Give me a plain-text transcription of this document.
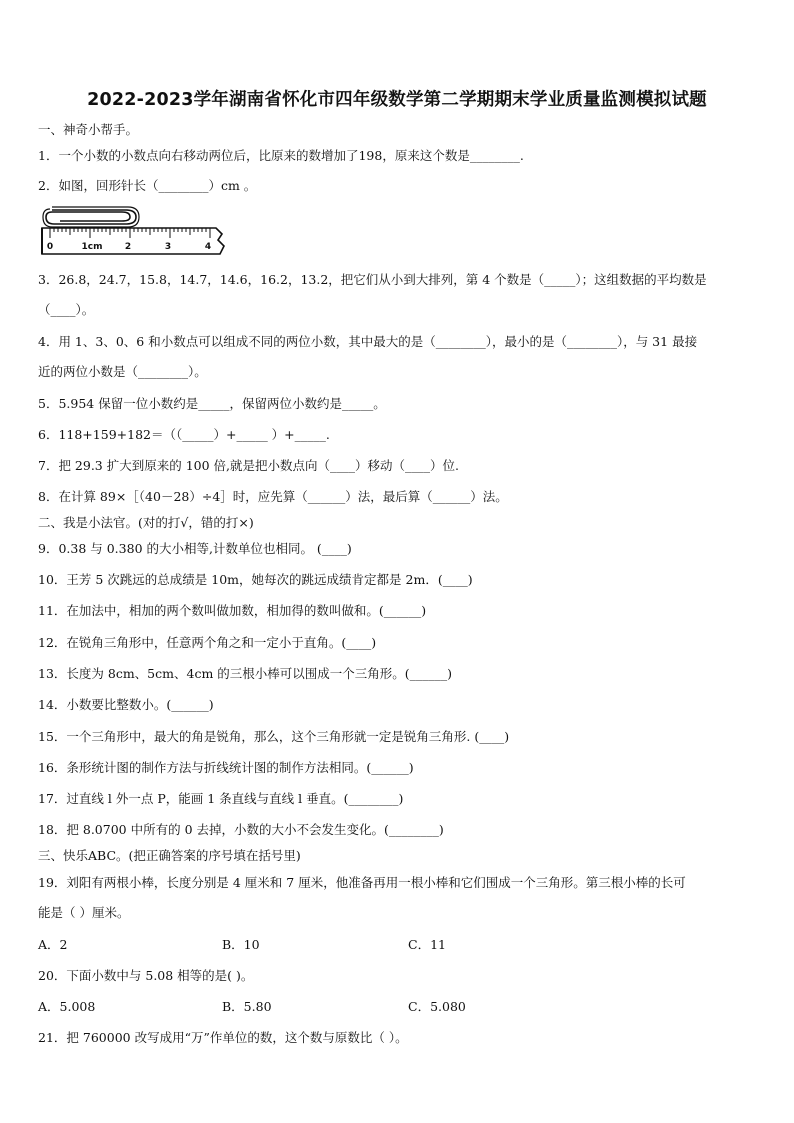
2022-2023学年湖南省怀化市四年级数学第二学期期末学业质量监测模拟试题
一、神奇小帮手。
1．一个小数的小数点向右移动两位后，比原来的数增加了198，原来这个数是________.
2．如图，回形针长（________）cm 。
0	1cm 2	3	4
3．26.8，24.7，15.8，14.7，14.6，16.2，13.2，把它们从小到大排列，第 4 个数是（_____）；这组数据的平均数是
（____）。
4．用 1、3、0、6 和小数点可以组成不同的两位小数，其中最大的是（________），最小的是（________），与 31 最接
近的两位小数是（________）。
5．5.954 保留一位小数约是_____，保留两位小数约是_____。
6．118+159+182＝（（_____）+_____ ）+_____.
7．把 29.3 扩大到原来的 100 倍,就是把小数点向（____）移动（____）位.
8．在计算 89×［（40－28）÷4］时，应先算（______）法，最后算（______）法。
二、我是小法官。(对的打√，错的打×)
9．0.38 与 0.380 的大小相等,计数单位也相同。 (____)
10．王芳 5 次跳远的总成绩是 10m，她每次的跳远成绩肯定都是 2m．(____)
11．在加法中，相加的两个数叫做加数，相加得的数叫做和。(______)
12．在锐角三角形中，任意两个角之和一定小于直角。(____)
13．长度为 8cm、5cm、4cm 的三根小棒可以围成一个三角形。(______)
14．小数要比整数小。(______)
15．一个三角形中，最大的角是锐角，那么，这个三角形就一定是锐角三角形. (____)
16．条形统计图的制作方法与折线统计图的制作方法相同。(______)
17．过直线 l 外一点 P，能画 1 条直线与直线 l 垂直。(________)
18．把 8.0700 中所有的 0 去掉，小数的大小不会发生变化。(________)
三、快乐ABC。(把正确答案的序号填在括号里)
19．刘阳有两根小棒，长度分别是 4 厘米和 7 厘米，他准备再用一根小棒和它们围成一个三角形。第三根小棒的长可
能是（ ）厘米。
A．2	B．10	C．11
20．下面小数中与 5.08 相等的是( )。
A．5.008	B．5.80	C．5.080
21．把 760000 改写成用“万”作单位的数，这个数与原数比（ ）。
